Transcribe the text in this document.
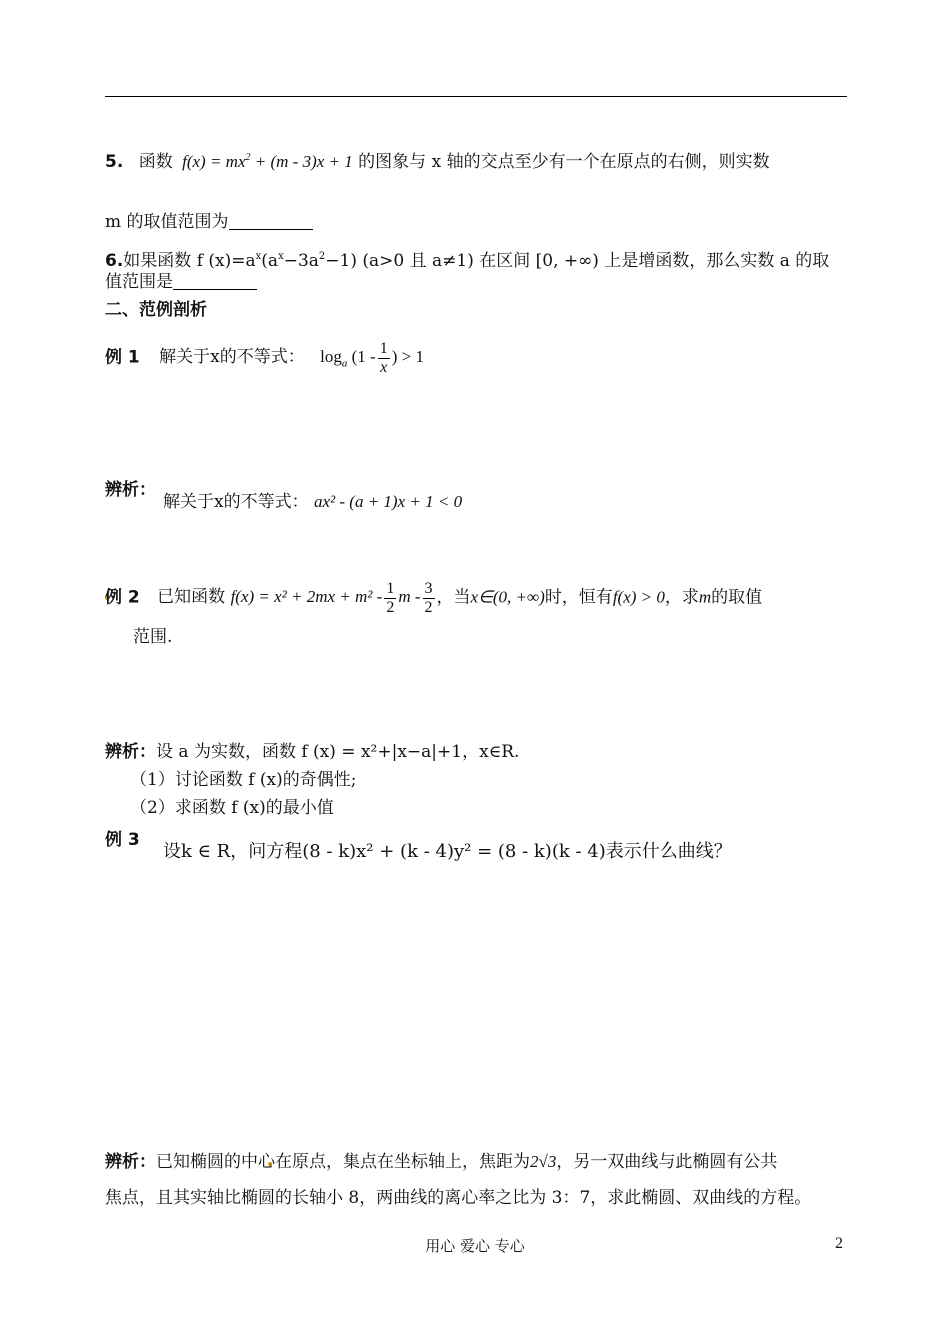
5. 函数 $f(x) = mx^2 + (m - 3)x + 1$ 的图象与 x 轴的交点至少有一个在原点的右侧，则实数
m 的取值范围为
6.如果函数 f $(x)=a^x(a^x-3a^2-1)$ (a>0 且 a≠1) 在区间 [0, +∞) 上是增函数，那么实数 a 的取
值范围是
二、范例剖析
例 1 解关于x的不等式： $\log_a (1 - \frac{1}{x}$ ) > 1
辨析：
解关于x的不等式： ax² - (a + 1)x + 1 < 0
例 2 已知函数 $f(x) = x^2 + 2mx + m^2 - \frac{1}{2}$ m - $\frac{3}{2}$ ，当x∈(0, +∞)时，恒有f(x) > 0，求m的取值
范围.
辨析：设 a 为实数，函数 f (x) = x²+|x−a|+1，x∈R.
（1）讨论函数 f (x)的奇偶性;
（2）求函数 f (x)的最小值
例 3
设k ∈ R，问方程(8 - k)x² + (k - 4)y² = (8 - k)(k - 4)表示什么曲线？
辨析：已知椭圆的中心在原点，集点在坐标轴上，焦距为2√3，另一双曲线与此椭圆有公共
焦点，且其实轴比椭圆的长轴小 8，两曲线的离心率之比为 3：7，求此椭圆、双曲线的方程。
用心 爱心 专心	2
